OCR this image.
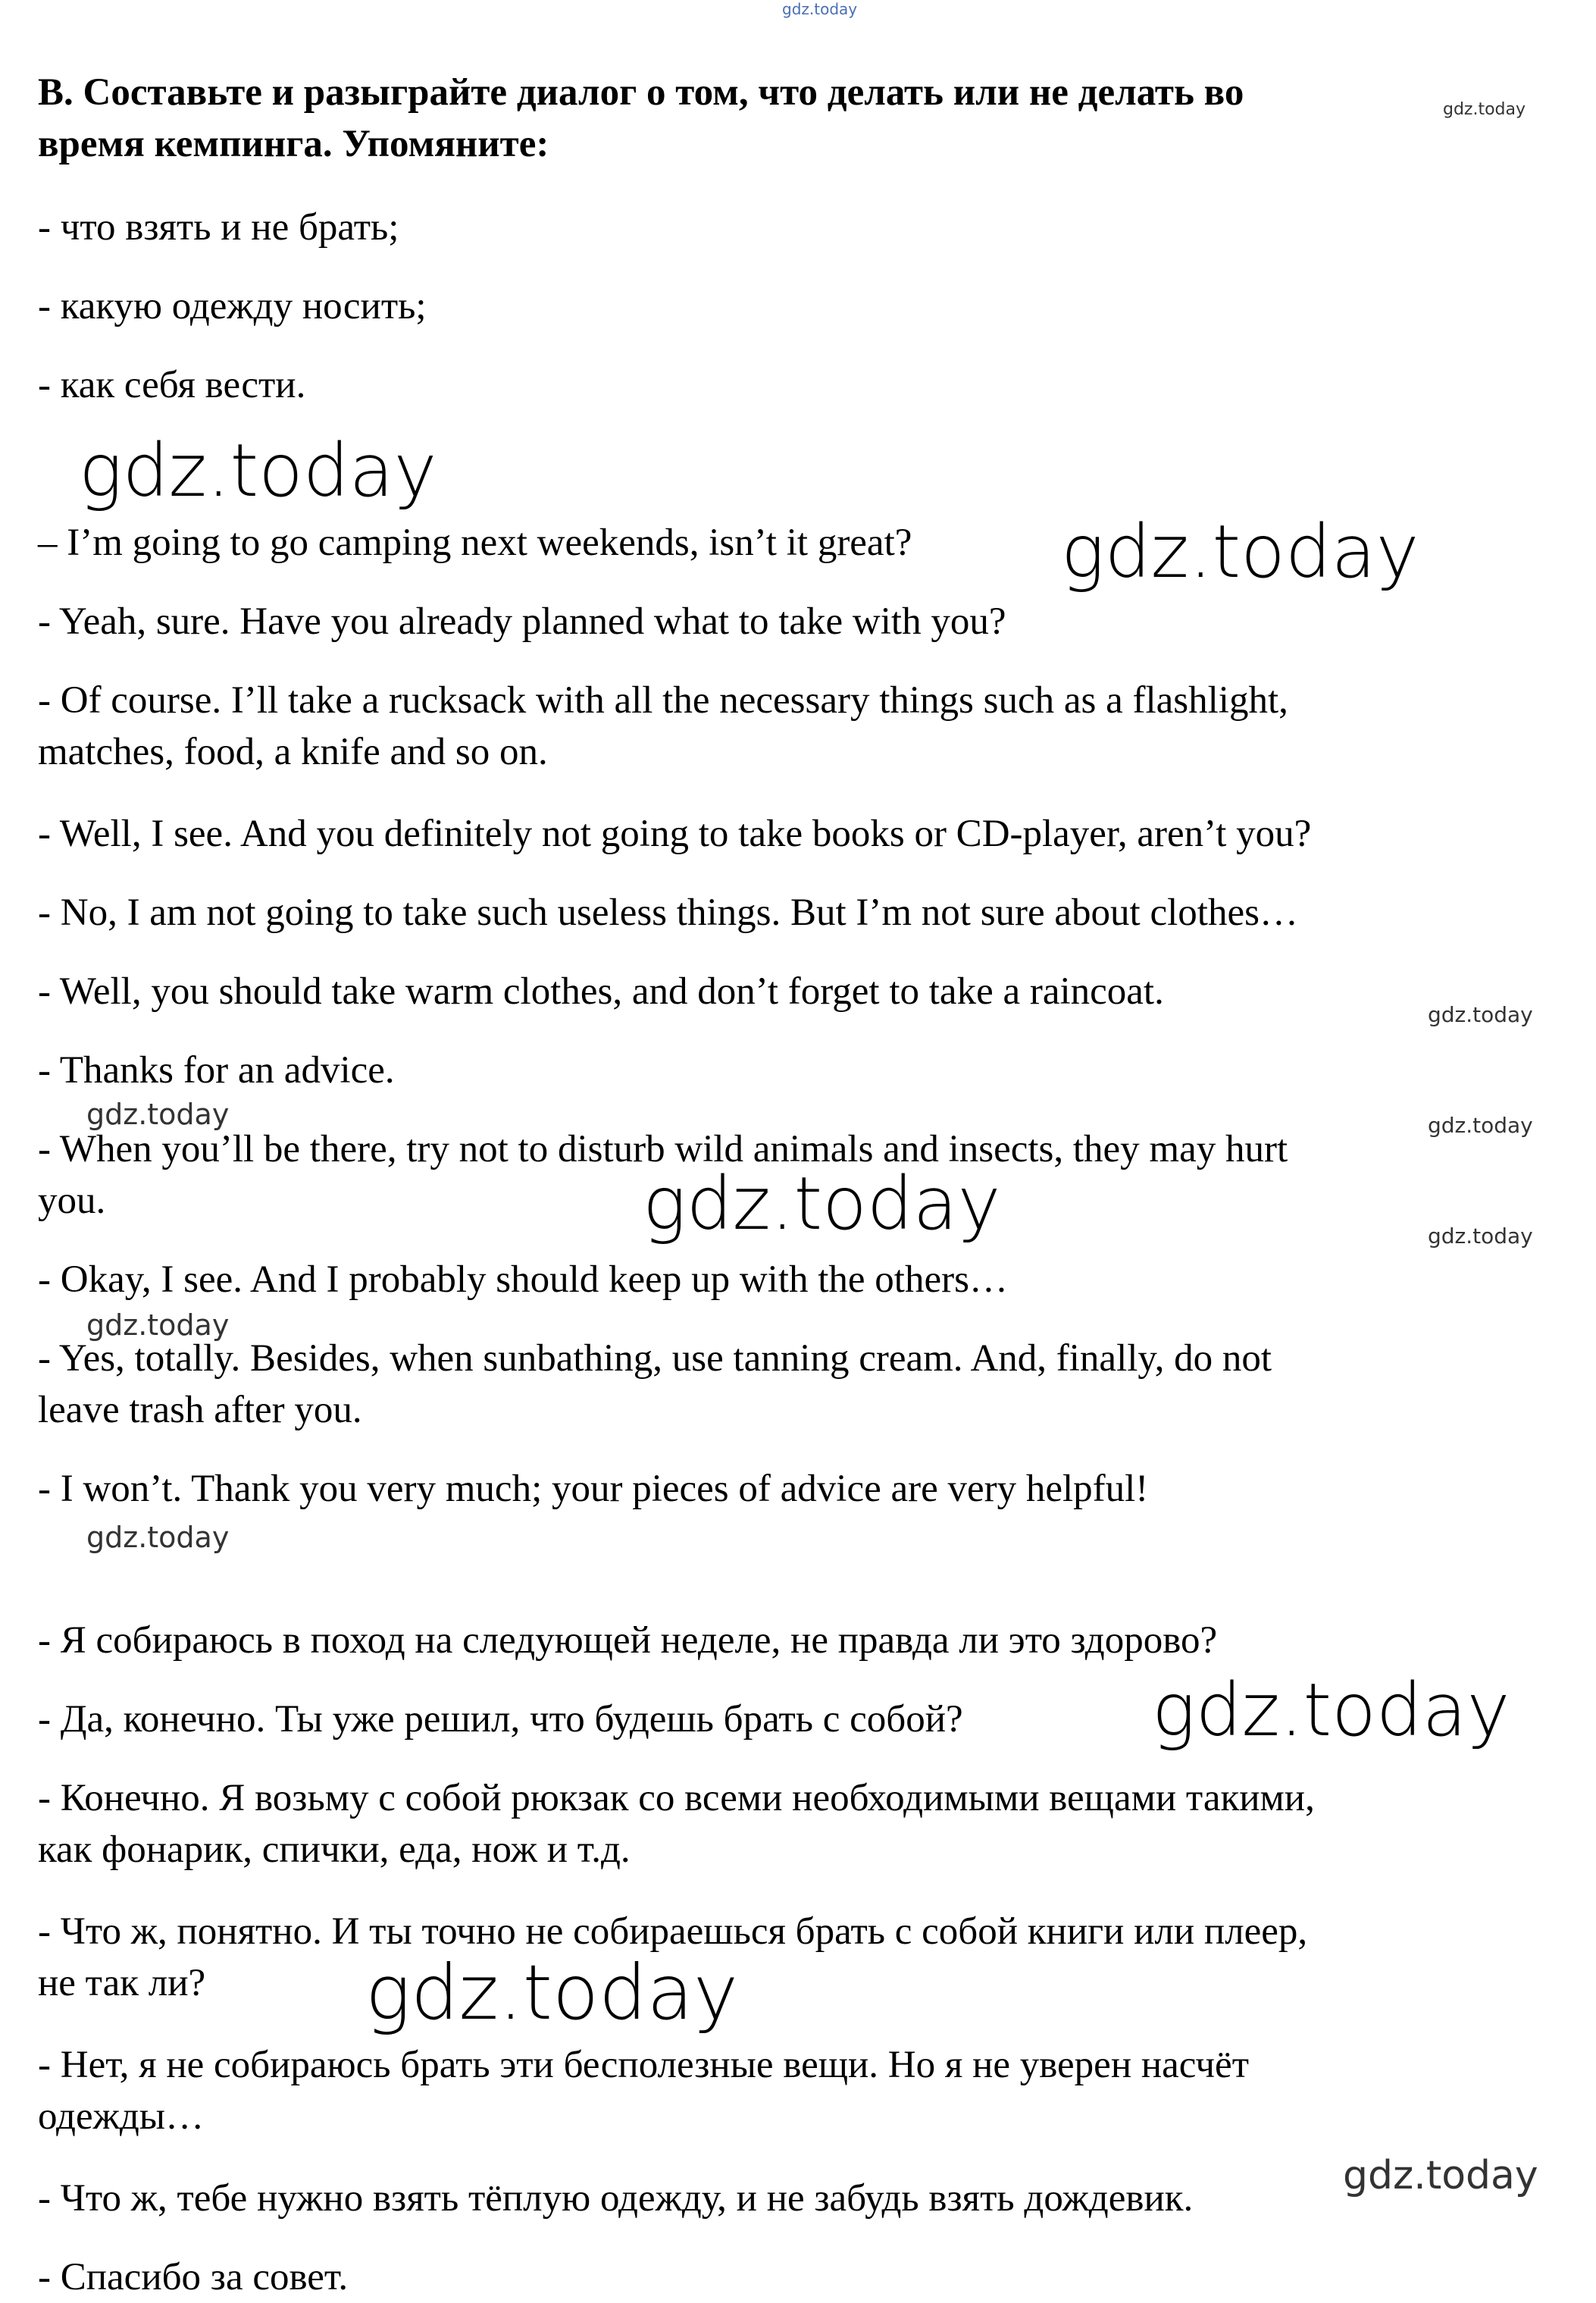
B. Составьте и разыграйте диалог о том, что делать или не делать во

время кемпинга. Упомяните:

- что взять и не брать;

- какую одежду носить;

- как себя вести.

– I’m going to go camping next weekends, isn’t it great?

- Yeah, sure. Have you already planned what to take with you?

- Of course. I’ll take a rucksack with all the necessary things such as a flashlight,

matches, food, a knife and so on.

- Well, I see. And you definitely not going to take books or CD-player, aren’t you?

- No, I am not going to take such useless things. But I’m not sure about clothes…

- Well, you should take warm clothes, and don’t forget to take a raincoat.

- Thanks for an advice.

- When you’ll be there, try not to disturb wild animals and insects, they may hurt

you.

- Okay, I see. And I probably should keep up with the others…

- Yes, totally. Besides, when sunbathing, use tanning cream. And, finally, do not

leave trash after you.

- I won’t. Thank you very much; your pieces of advice are very helpful!

- Я собираюсь в поход на следующей неделе, не правда ли это здорово?

- Да, конечно. Ты уже решил, что будешь брать с собой?

- Конечно. Я возьму с собой рюкзак со всеми необходимыми вещами такими,

как фонарик, спички, еда, нож и т.д.

- Что ж, понятно. И ты точно не собираешься брать с собой книги или плеер,

не так ли?

- Нет, я не собираюсь брать эти бесполезные вещи. Но я не уверен насчёт

одежды…

- Что ж, тебе нужно взять тёплую одежду, и не забудь взять дождевик.

- Спасибо за совет.

gdz.today
gdz.today
gdz.today
gdz.today
gdz.today
gdz.today	gdz.today
gdz.today	gdz.today
gdz.today
gdz.today
gdz.today
gdz.today
gdz.today
